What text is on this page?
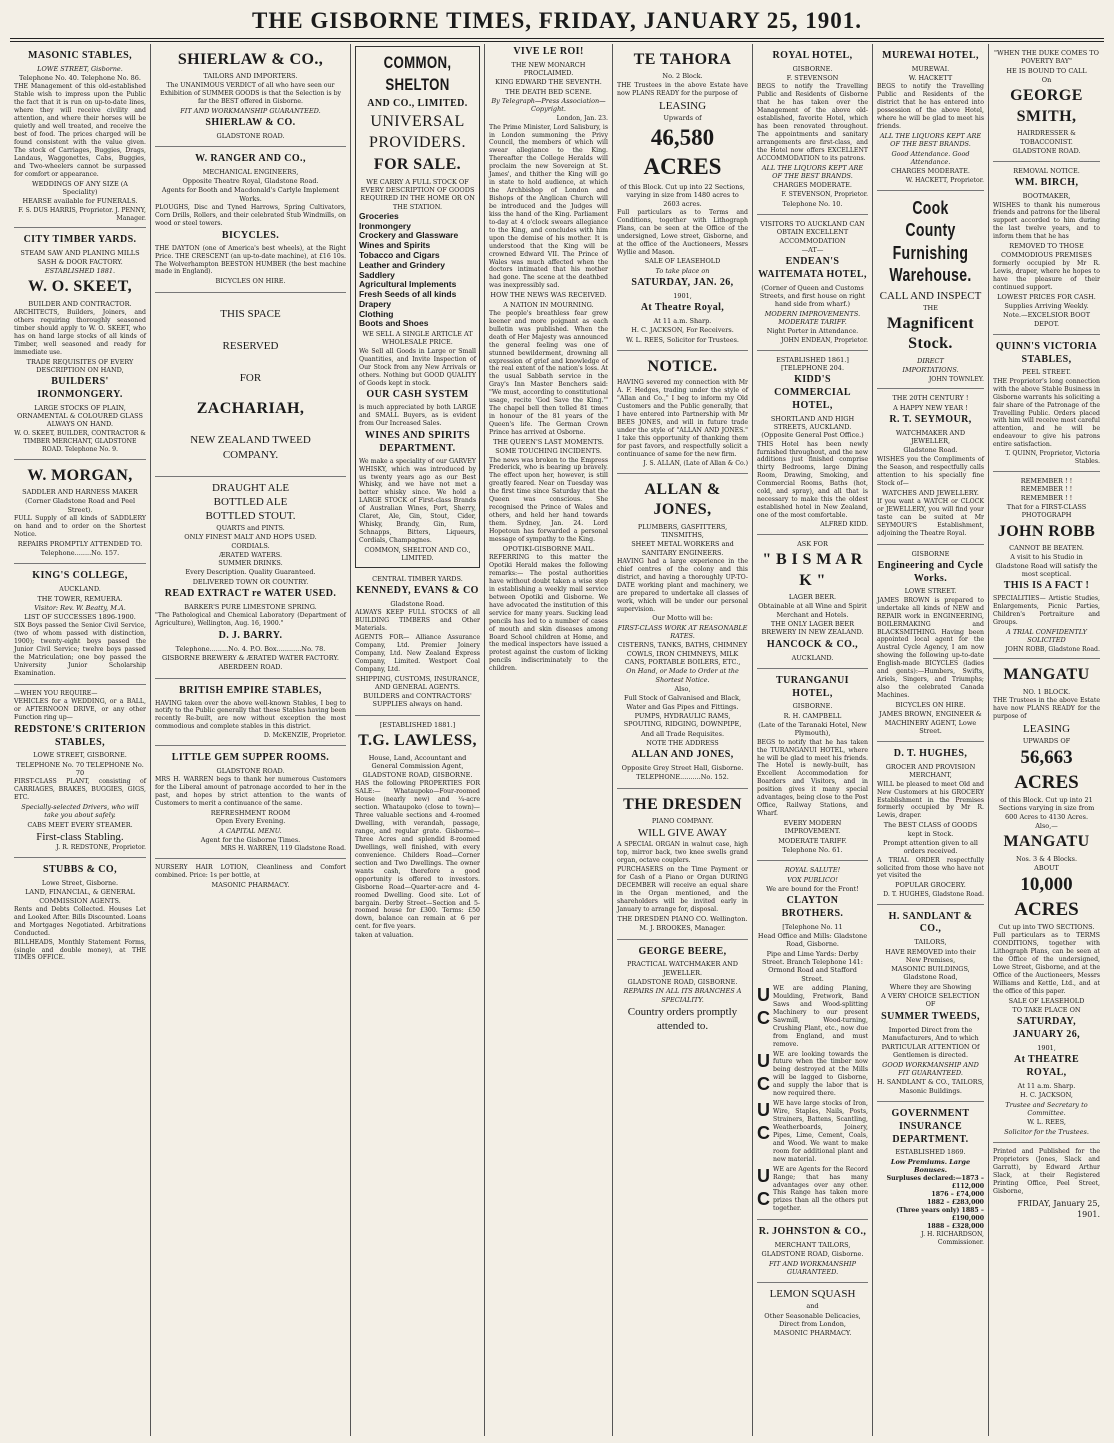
THE GISBORNE TIMES, FRIDAY, JANUARY 25, 1901.
MASONIC STABLES,
LOWE STREET, Gisborne.
Telephone No. 40. Telephone No. 86.

THE Management of this old-established Stable wish to impress upon the Public the fact that it is run on up-to-date lines, where they will receive civility and attention, and where their horses will be quietly and well treated, and receive the best of food. The prices charged will be found consistent with the value given. The stock of Carriages, Buggies, Drags, Landaus, Waggonettes, Cabs, Buggies, and Two-wheelers cannot be surpassed for comfort or appearance.

WEDDINGS OF ANY SIZE (A Speciality)
HEARSE available for FUNERALS.
F. S. DUS HARRIS, Proprietor. J. PENNY, Manager.
CITY TIMBER YARDS.
STEAM SAW AND PLANING MILLS SASH & DOOR FACTORY.
ESTABLISHED 1881.
W. O. SKEET,
BUILDER AND CONTRACTOR.

ARCHITECTS, Builders, Joiners, and others requiring thoroughly seasoned timber should apply to W. O. SKEET, who has on hand large stocks of all kinds of Timber, well seasoned and ready for immediate use.

TRADE REQUISITES OF EVERY DESCRIPTION ON HAND,
BUILDERS' IRONMONGERY.
LARGE STOCKS OF PLAIN, ORNAMENTAL & COLOURED GLASS ALWAYS ON HAND.
W. O. SKEET, BUILDER, CONTRACTOR & TIMBER MERCHANT, GLADSTONE ROAD. Telephone No. 9.
W. MORGAN,
SADDLER AND HARNESS MAKER
(Corner Gladstone Road and Peel Street).

FULL Supply of all kinds of SADDLERY on hand and to order on the Shortest Notice.

REPAIRS PROMPTLY ATTENDED TO.
Telephone........No. 157.
KING'S COLLEGE,
AUCKLAND.
THE TOWER, REMUERA.
Visitor: Rev. W. Beatty, M.A.
LIST OF SUCCESSES 1896-1900.

SIX Boys passed the Senior Civil Service, (two of whom passed with distinction, 1900); twenty-eight boys passed the Junior Civil Service; twelve boys passed the Matriculation; one boy passed the University Junior Scholarship Examination.

—WHEN YOU REQUIRE—
VEHICLES for a WEDDING, or a BALL, or AFTERNOON DRIVE, or any other Function ring up—

REDSTONE'S CRITERION STABLES,
LOWE STREET, GISBORNE.
TELEPHONE No. 70 TELEPHONE No. 70

FIRST-CLASS PLANT, consisting of CARRIAGES, BRAKES, BUGGIES, GIGS, ETC.

Specially-selected Drivers, who will take you about safely.
CABS MEET EVERY STEAMER.
First-class Stabling.
J. R. REDSTONE, Proprietor.
STUBBS & CO,
Lowe Street, Gisborne.
LAND, FINANCIAL, & GENERAL COMMISSION AGENTS.

Rents and Debts Collected. Houses Let and Looked After. Bills Discounted. Loans and Mortgages Negotiated. Arbitrations Conducted.

BILLHEADS, Monthly Statement Forms, (single and double money), at THE TIMES OFFICE.

SHIERLAW & CO.,
TAILORS AND IMPORTERS.

The UNANIMOUS VERDICT of all who have seen our Exhibition of SUMMER GOODS is that the Selection is by far the BEST offered in Gisborne.

FIT AND WORKMANSHIP GUARANTEED.
SHIERLAW & CO.
GLADSTONE ROAD.
W. RANGER AND CO.,
MECHANICAL ENGINEERS,
Opposite Theatre Royal, Gladstone Road.
Agents for Booth and Macdonald's Carlyle Implement Works.

PLOUGHS, Disc and Tyned Harrows, Spring Cultivators, Corn Drills, Rollers, and their celebrated Stub Windmills, on wood or steel towers.

BICYCLES.

THE DAYTON (one of America's best wheels), at the Right Price. THE CRESCENT (an up-to-date machine), at £16 10s. The Wolverhampton BEESTON HUMBER (the best machine made in England).

BICYCLES ON HIRE.
THIS SPACE
RESERVED
FOR
ZACHARIAH,
NEW ZEALAND TWEED
COMPANY.
DRAUGHT ALE
BOTTLED ALE
BOTTLED STOUT.
QUARTS and PINTS.
ONLY FINEST MALT AND HOPS USED.
CORDIALS.
ÆRATED WATERS.
SUMMER DRINKS.
Every Description. Quality Guaranteed.
DELIVERED TOWN OR COUNTRY.
READ EXTRACT re WATER USED.
BARKER'S PURE LIMESTONE SPRING.

"The Pathological and Chemical Laboratory (Department of Agriculture), Wellington, Aug. 16, 1900."

D. J. BARRY.
Telephone.........No. 4. P.O. Box............No. 78.
GISBORNE BREWERY & ÆRATED WATER FACTORY.
ABERDEEN ROAD.
BRITISH EMPIRE STABLES,

HAVING taken over the above well-known Stables, I beg to notify to the Public generally that these Stables having been recently Re-built, are now without exception the most commodious and complete stables in this district.

D. McKENZIE, Proprietor.
LITTLE GEM SUPPER ROOMS.
GLADSTONE ROAD.

MRS H. WARREN begs to thank her numerous Customers for the Liberal amount of patronage accorded to her in the past, and hopes by strict attention to the wants of Customers to merit a continuance of the same.

REFRESHMENT ROOM
Open Every Evening.
A CAPITAL MENU.
Agent for the Gisborne Times.
MRS H. WARREN, 119 Gladstone Road.

NURSERY HAIR LOTION, Cleanliness and Comfort combined. Price: 1s per bottle, at

MASONIC PHARMACY.
COMMON, SHELTON
AND CO., LIMITED.
UNIVERSAL PROVIDERS.
FOR SALE.
WE CARRY A FULL STOCK OF EVERY DESCRIPTION OF GOODS REQUIRED IN THE HOME OR ON THE STATION.
Groceries
Ironmongery
Crockery and Glassware
Wines and Spirits
Tobacco and Cigars
Leather and Grindery
Saddlery
Agricultural Implements
Fresh Seeds of all kinds
Drapery
Clothing
Boots and Shoes
WE SELL A SINGLE ARTICLE AT WHOLESALE PRICE.

We Sell all Goods in Large or Small Quantities, and Invite Inspection of Our Stock from any New Arrivals or others. Nothing but GOOD QUALITY of Goods kept in stock.

OUR CASH SYSTEM

is much appreciated by both LARGE and SMALL Buyers, as is evident from Our Increased Sales.

WINES AND SPIRITS DEPARTMENT.

We make a speciality of our GARVEY WHISKY, which was introduced by us twenty years ago as our Best Whisky, and we have not met a better whisky since. We hold a LARGE STOCK of First-class Brands of Australian Wines, Port, Sherry, Claret, Ale, Gin, Stout, Cider, Whisky, Brandy, Gin, Rum, Schnapps, Bitters, Liqueurs, Cordials, Champagnes.

COMMON, SHELTON AND CO., LIMITED.
CENTRAL TIMBER YARDS.
KENNEDY, EVANS & CO
Gladstone Road.

ALWAYS KEEP FULL STOCKS of all BUILDING TIMBERS and Other Materials.

AGENTS FOR— Alliance Assurance Company, Ltd. Premier Joinery Company, Ltd. New Zealand Express Company, Limited. Westport Coal Company, Ltd.

SHIPPING, CUSTOMS, INSURANCE, AND GENERAL AGENTS.
BUILDERS and CONTRACTORS' SUPPLIES always on hand.
[ESTABLISHED 1881.]
T.G. LAWLESS,
House, Land, Accountant and General Commission Agent,
GLADSTONE ROAD, GISBORNE.

HAS the following PROPERTIES FOR SALE:— Whataupoko—Four-roomed House (nearly new) and ¼-acre section. Whataupoko (close to town)—Three valuable sections and 4-roomed Dwelling, with verandah, passage, range, and regular grate. Gisborne—Three Acres and splendid 8-roomed Dwellings, well finished, with every convenience. Childers Road—Corner section and Two Dwellings. The owner wants cash, therefore a good opportunity is offered to investors. Gisborne Road—Quarter-acre and 4-roomed Dwelling. Good site. Lot of bargain. Derby Street—Section and 5-roomed house for £300. Terms: £50 down, balance can remain at 6 per cent. for five years.

taken at valuation.

VIVE LE ROI!
THE NEW MONARCH PROCLAIMED.
KING EDWARD THE SEVENTH.
THE DEATH BED SCENE.
By Telegraph—Press Association—Copyright.
London, Jan. 23.

The Prime Minister, Lord Salisbury, is in London summoning the Privy Council, the members of which will swear allegiance to the King. Thereafter the College Heralds will proclaim the new Sovereign at St. James', and thither the King will go in state to hold audience, at which the Archbishop of London and Bishops of the Anglican Church will be introduced and the Judges will kiss the hand of the King. Parliament to-day at 4 o'clock swears allegiance to the King, and concludes with him upon the demise of his mother. It is understood that the King will be crowned Edward VII. The Prince of Wales was much affected when the doctors intimated that his mother had gone. The scene at the deathbed was inexpressibly sad.

HOW THE NEWS WAS RECEIVED.
A NATION IN MOURNING.

The people's breathless fear grew keener and more poignant as each bulletin was published. When the death of Her Majesty was announced the general feeling was one of stunned bewilderment, drowning all expression of grief and knowledge of the real extent of the nation's loss. At the usual Sabbath service in the Gray's Inn Master Benchers said: "We must, according to constitutional usage, recite 'God Save the King.'" The chapel bell then tolled 81 times in honour of the 81 years of the Queen's life. The German Crown Prince has arrived at Osborne.

THE QUEEN'S LAST MOMENTS.
SOME TOUCHING INCIDENTS.

The news was broken to the Empress Frederick, who is bearing up bravely. The effect upon her, however, is still greatly feared. Near on Tuesday was the first time since Saturday that the Queen was conscious. She recognised the Prince of Wales and others, and held her hand towards them. Sydney, Jan. 24. Lord Hopetoun has forwarded a personal message of sympathy to the King.

OPOTIKI-GISBORNE MAIL.

REFERRING to this matter the Opotiki Herald makes the following remarks:— The postal authorities have without doubt taken a wise step in establishing a weekly mail service between Opotiki and Gisborne. We have advocated the institution of this service for many years. Sucking lead pencils has led to a number of cases of mouth and skin diseases among Board School children at Home, and the medical inspectors have issued a protest against the custom of licking pencils indiscriminately to the children.

TE TAHORA
No. 2 Block.

THE Trustees in the above Estate have now PLANS READY for the purpose of

LEASING
Upwards of
46,580 ACRES
of this Block. Cut up into 22 Sections, varying in size from 1480 acres to 2603 acres.

Full particulars as to Terms and Conditions, together with Lithograph Plans, can be seen at the Office of the undersigned, Lowe street, Gisborne, and at the office of the Auctioneers, Messrs Wyllie and Mason.

SALE OF LEASEHOLD
To take place on
SATURDAY, JAN. 26,
1901,
At Theatre Royal,
At 11 a.m. Sharp.
H. C. JACKSON, For Receivers.
W. L. REES, Solicitor for Trustees.
NOTICE.

HAVING severed my connection with Mr A. F. Hedges, trading under the style of "Allan and Co.," I beg to inform my Old Customers and the Public generally, that I have entered into Partnership with Mr BEES JONES, and will in future trade under the style of "ALLAN AND JONES." I take this opportunity of thanking them for past favors, and respectfully solicit a continuance of same for the new firm.

J. S. ALLAN, (Late of Allan & Co.)
ALLAN & JONES,
PLUMBERS, GASFITTERS, TINSMITHS,
SHEET METAL WORKERS and SANITARY ENGINEERS.

HAVING had a large experience in the chief centres of the colony and this district, and having a thoroughly UP-TO-DATE working plant and machinery, we are prepared to undertake all classes of work, which will be under our personal supervision.

Our Motto will be:
FIRST-CLASS WORK AT REASONABLE RATES.
CISTERNS, TANKS, BATHS, CHIMNEY COWLS, IRON CHIMNEYS, MILK CANS, PORTABLE BOILERS, ETC.,
On Hand, or Made to Order at the Shortest Notice.
Also,
Full Stock of Galvanised and Black, Water and Gas Pipes and Fittings.
PUMPS, HYDRAULIC RAMS, SPOUTING, RIDGING, DOWNPIPE,
And all Trade Requisites.
NOTE THE ADDRESS
ALLAN AND JONES,
Opposite Grey Street Hall, Gisborne.
TELEPHONE..........No. 152.
THE DRESDEN
PIANO COMPANY.
WILL GIVE AWAY

A SPECIAL ORGAN in walnut case, high top, mirror back, two knee swells grand organ, octave couplers.

PURCHASERS on the Time Payment or for Cash of a Piano or Organ DURING DECEMBER will receive an equal share in the Organ mentioned, and the shareholders will be invited early in January to arrange for, disposal.

THE DRESDEN PIANO CO. Wellington.
M. J. BROOKES, Manager.
GEORGE BEERE,
PRACTICAL WATCHMAKER AND JEWELLER.
GLADSTONE ROAD, GISBORNE.
REPAIRS IN ALL ITS BRANCHES A SPECIALITY.
Country orders promptly attended to.
ROYAL HOTEL,
GISBORNE.
F. STEVENSON

BEGS to notify the Travelling Public and Residents of Gisborne that he has taken over the Management of the above old-established, favorite Hotel, which has been renovated throughout. The appointments and sanitary arrangements are first-class, and the Hotel now offers EXCELLENT ACCOMMODATION to its patrons.

ALL THE LIQUORS KEPT ARE OF THE BEST BRANDS.
CHARGES MODERATE.
F. STEVENSON, Proprietor.
Telephone No. 10.
VISITORS TO AUCKLAND CAN OBTAIN EXCELLENT ACCOMMODATION
—AT—
ENDEAN'S WAITEMATA HOTEL,
(Corner of Queen and Customs Streets, and first house on right hand side from wharf.)
MODERN IMPROVEMENTS. MODERATE TARIFF.
Night Porter in Attendance.
JOHN ENDEAN, Proprietor.
ESTABLISHED 1861.] [TELEPHONE 204.
KIDD'S COMMERCIAL HOTEL,
SHORTLAND AND HIGH STREETS, AUCKLAND. (Opposite General Post Office.)

THIS Hotel has been newly furnished throughout, and the new additions just finished comprise thirty Bedrooms, large Dining Room, Drawing, Smoking, and Commercial Rooms, Baths (hot, cold, and spray), and all that is necessary to make this the oldest established hotel in New Zealand, one of the most comfortable.

ALFRED KIDD.
ASK FOR
" B I S M A R K "
LAGER BEER.
Obtainable at all Wine and Spirit Merchant and Hotels.
THE ONLY LAGER BEER BREWERY IN NEW ZEALAND.
HANCOCK & CO.,
AUCKLAND.
TURANGANUI HOTEL,
GISBORNE.
R. H. CAMPBELL
(Late of the Taranaki Hotel, New Plymouth),

BEGS to notify that he has taken the TURANGANUI HOTEL, where he will be glad to meet his friends. The Hotel is newly-built, has Excellent Accommodation for Boarders and Visitors, and in position gives it many special advantages, being close to the Post Office, Railway Stations, and Wharf.

EVERY MODERN IMPROVEMENT.
MODERATE TARIFF.
Telephone No. 61.
ROYAL SALUTE!
VOX PUBLICO!
We are bound for the Front!
CLAYTON BROTHERS.
[Telephone No. 11
Head Office and Mills: Gladstone Road, Gisborne.
Pipe and Lime Yards: Derby Street. Branch Telephone 141: Ormond Road and Stafford Street.
U C

WE are adding Planing, Moulding, Fretwork, Band Saws and Wood-splitting Machinery to our present Sawmill, Wood-turning, Crushing Plant, etc., now due from England, and must remove.

U C

WE are looking towards the future when the timber now being destroyed at the Mills will be lagged to Gisborne, and supply the labor that is now required there.

U C

WE have large stocks of Iron, Wire, Staples, Nails, Posts, Strainers, Battens, Scantling, Weatherboards, Joinery, Pipes, Lime, Cement, Coals, and Wood. We want to make room for additional plant and new material.

U C

WE are Agents for the Record Range; that has many advantages over any other. This Range has taken more prizes than all the others put together.

R. JOHNSTON & CO.,
MERCHANT TAILORS,
GLADSTONE ROAD, Gisborne.
FIT AND WORKMANSHIP GUARANTEED.
LEMON SQUASH
and
Other Seasonable Delicacies, Direct from London,
MASONIC PHARMACY.
MUREWAI HOTEL,
MUREWAI.
W. HACKETT

BEGS to notify the Travelling Public and Residents of the district that he has entered into possession of the above Hotel, where he will be glad to meet his friends.

ALL THE LIQUORS KEPT ARE OF THE BEST BRANDS.
Good Attendance. Good Attendance.
CHARGES MODERATE.
W. HACKETT, Proprietor.
Cook County Furnishing Warehouse.
CALL AND INSPECT
THE
Magnificent Stock.
DIRECT
IMPORTATIONS.
JOHN TOWNLEY.
THE 20TH CENTURY !
A HAPPY NEW YEAR !
R. T. SEYMOUR,
WATCHMAKER AND JEWELLER,
Gladstone Road.

WISHES you the Compliments of the Season, and respectfully calls attention to his specially fine Stock of—

WATCHES AND JEWELLERY.

If you want a WATCH or CLOCK or JEWELLERY, you will find your taste can be suited at Mr SEYMOUR'S Establishment, adjoining the Theatre Royal.

GISBORNE
Engineering and Cycle Works.
LOWE STREET.

JAMES BROWN is prepared to undertake all kinds of NEW and REPAIR work in ENGINEERING, BOILERMAKING and BLACKSMITHING. Having been appointed local agent for the Austral Cycle Agency, I am now showing the following up-to-date English-made BICYCLES (ladies and gents):—Humbers, Swifts, Ariels, Singers, and Triumphs; also the celebrated Canada Machines.

BICYCLES ON HIRE.
JAMES BROWN, ENGINEER & MACHINERY AGENT, Lowe Street.
D. T. HUGHES,
GROCER AND PROVISION MERCHANT,

WILL be pleased to meet Old and New Customers at his GROCERY Establishment in the Premises formerly occupied by Mr R. Lewis, draper.

The BEST CLASS of GOODS kept in Stock.
Prompt attention given to all orders received.

A TRIAL ORDER respectfully solicited from those who have not yet visited the

POPULAR GROCERY.
D. T. HUGHES, Gladstone Road.
H. SANDLANT & CO.,
TAILORS,
HAVE REMOVED into their New Premises,
MASONIC BUILDINGS, Gladstone Road,
Where they are Showing
A VERY CHOICE SELECTION OF
SUMMER TWEEDS,
Imported Direct from the Manufacturers, And to which
PARTICULAR ATTENTION Of Gentlemen is directed.
GOOD WORKMANSHIP AND FIT GUARANTEED.
H. SANDLANT & CO., TAILORS, Masonic Buildings.
GOVERNMENT INSURANCE DEPARTMENT.
ESTABLISHED 1869.
Low Premiums. Large Bonuses.
Surpluses declared:—1873 – £112,000
1876 – £74,000
1882 – £283,000
(Three years only) 1885 – £190,000
1888 – £328,000
J. H. RICHARDSON, Commissioner.
"WHEN THE DUKE COMES TO POVERTY BAY"
HE IS BOUND TO CALL
On
GEORGE SMITH,
HAIRDRESSER & TOBACCONIST.
GLADSTONE ROAD.
REMOVAL NOTICE.
WM. BIRCH,
BOOTMAKER,

WISHES to thank his numerous friends and patrons for the liberal support accorded to him during the last twelve years, and to inform them that he has

REMOVED TO THOSE COMMODIOUS PREMISES

formerly occupied by Mr R. Lewis, draper, where he hopes to have the pleasure of their continued support.

LOWEST PRICES FOR CASH.
Supplies Arriving Weekly.
Note.—EXCELSIOR BOOT DEPOT.
QUINN'S VICTORIA STABLES,
PEEL STREET.

THE Proprietor's long connection with the above Stable Business in Gisborne warrants his soliciting a fair share of the Patronage of the Travelling Public. Orders placed with him will receive most careful attention, and he will be endeavour to give his patrons entire satisfaction.

T. QUINN, Proprietor, Victoria Stables.
REMEMBER ! !
REMEMBER ! !
REMEMBER ! !
That for a FIRST-CLASS PHOTOGRAPH
JOHN ROBB
CANNOT BE BEATEN.
A visit to his Studio in Gladstone Road will satisfy the most sceptical.
THIS IS A FACT !

SPECIALITIES— Artistic Studies, Enlargements, Picnic Parties, Children's Portraiture and Groups.

A TRIAL CONFIDENTLY SOLICITED
JOHN ROBB, Gladstone Road.
MANGATU
NO. 1 BLOCK.

THE Trustees in the above Estate have now PLANS READY for the purpose of

LEASING
UPWARDS OF
56,663 ACRES
of this Block. Cut up into 21 Sections varying in size from 600 Acres to 4130 Acres.
Also,—
MANGATU
Nos. 3 & 4 Blocks.
ABOUT
10,000 ACRES
Cut up into TWO SECTIONS.

Full particulars as to TERMS CONDITIONS, together with Lithograph Plans, can be seen at the Office of the undersigned, Lowe Street, Gisborne, and at the Office of the Auctioneers, Messrs Williams and Kettle, Ltd., and at the office of this paper.

SALE OF LEASEHOLD
TO TAKE PLACE ON
SATURDAY, JANUARY 26,
1901,
At THEATRE ROYAL,
At 11 a.m. Sharp.
H. C. JACKSON,
Trustee and Secretary to Committee.
W. L. REES,
Solicitor for the Trustees.

Printed and Published for the Proprietors (Jones, Slack and Garratt), by Edward Arthur Slack, at their Registered Printing Office, Peel Street, Gisborne,

FRIDAY, January 25, 1901.
